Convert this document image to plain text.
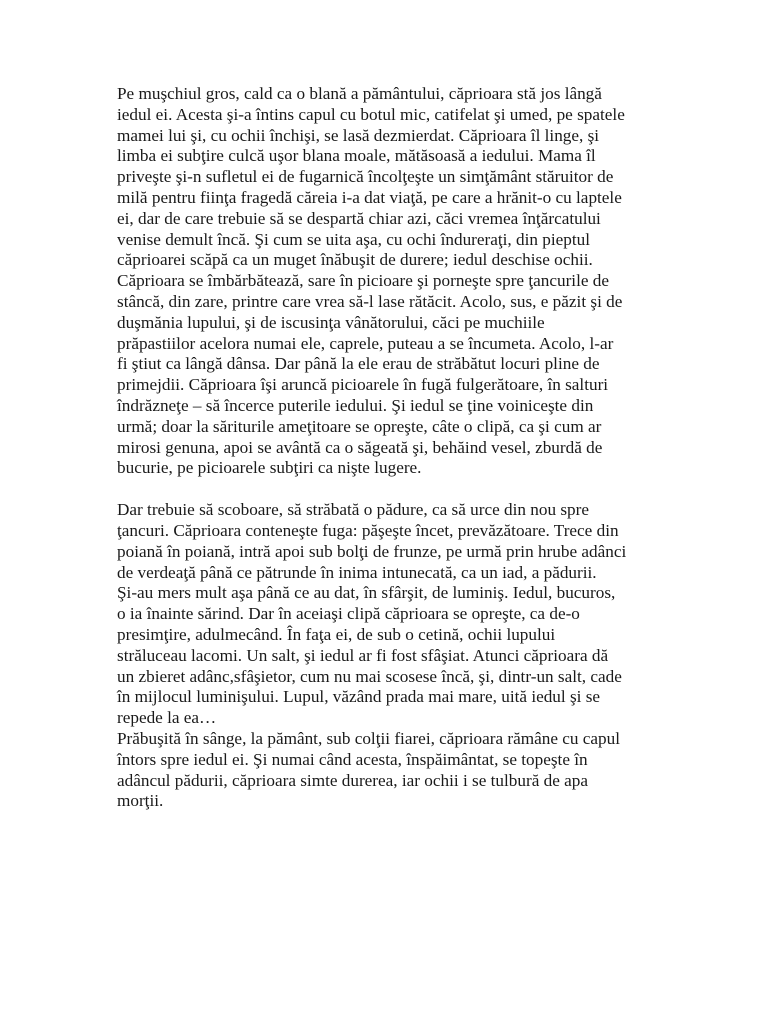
Pe muşchiul gros, cald ca o blană a pământului, căprioara stă jos lângă
iedul ei. Acesta şi-a întins capul cu botul mic, catifelat şi umed, pe spatele
mamei lui şi, cu ochii închişi, se lasă dezmierdat. Căprioara îl linge, şi
limba ei subţire culcă uşor blana moale, mătăsoasă a iedului. Mama îl
priveşte şi-n sufletul ei de fugarnică încolţeşte un simţământ stăruitor de
milă pentru fiinţa fragedă căreia i-a dat viaţă, pe care a hrănit-o cu laptele
ei, dar de care trebuie să se despartă chiar azi, căci vremea înţărcatului
venise demult încă. Şi cum se uita aşa, cu ochi îndureraţi, din pieptul
căprioarei scăpă ca un muget înăbuşit de durere; iedul deschise ochii.
Căprioara se îmbărbătează, sare în picioare şi porneşte spre ţancurile de
stâncă, din zare, printre care vrea să-l lase rătăcit. Acolo, sus, e păzit şi de
duşmănia lupului, şi de iscusinţa vânătorului, căci pe muchiile
prăpastiilor acelora numai ele, caprele, puteau a se încumeta. Acolo, l-ar
fi ştiut ca lângă dânsa. Dar până la ele erau de străbătut locuri pline de
primejdii. Căprioara îşi aruncă picioarele în fugă fulgerătoare, în salturi
îndrăzneţe – să încerce puterile iedului. Şi iedul se ţine voiniceşte din
urmă; doar la săriturile ameţitoare se opreşte, câte o clipă, ca şi cum ar
mirosi genuna, apoi se avântă ca o săgeată şi, behăind vesel, zburdă de
bucurie, pe picioarele subţiri ca nişte lugere.

Dar trebuie să scoboare, să străbată o pădure, ca să urce din nou spre
ţancuri. Căprioara conteneşte fuga: păşeşte încet, prevăzătoare. Trece din
poiană în poiană, intră apoi sub bolţi de frunze, pe urmă prin hrube adânci
de verdeaţă până ce pătrunde în inima intunecată, ca un iad, a pădurii.
Şi-au mers mult aşa până ce au dat, în sfârşit, de luminiş. Iedul, bucuros,
o ia înainte sărind. Dar în aceiaşi clipă căprioara se opreşte, ca de-o
presimţire, adulmecând. În faţa ei, de sub o cetină, ochii lupului
străluceau lacomi. Un salt, şi iedul ar fi fost sfâşiat. Atunci căprioara dă
un zbieret adânc,sfâşietor, cum nu mai scosese încă, şi, dintr-un salt, cade
în mijlocul luminişului. Lupul, văzând prada mai mare, uită iedul şi se
repede la ea…

Prăbuşită în sânge, la pământ, sub colţii fiarei, căprioara rămâne cu capul
întors spre iedul ei. Şi numai când acesta, înspăimântat, se topeşte în
adâncul pădurii, căprioara simte durerea, iar ochii i se tulbură de apa
morţii.
